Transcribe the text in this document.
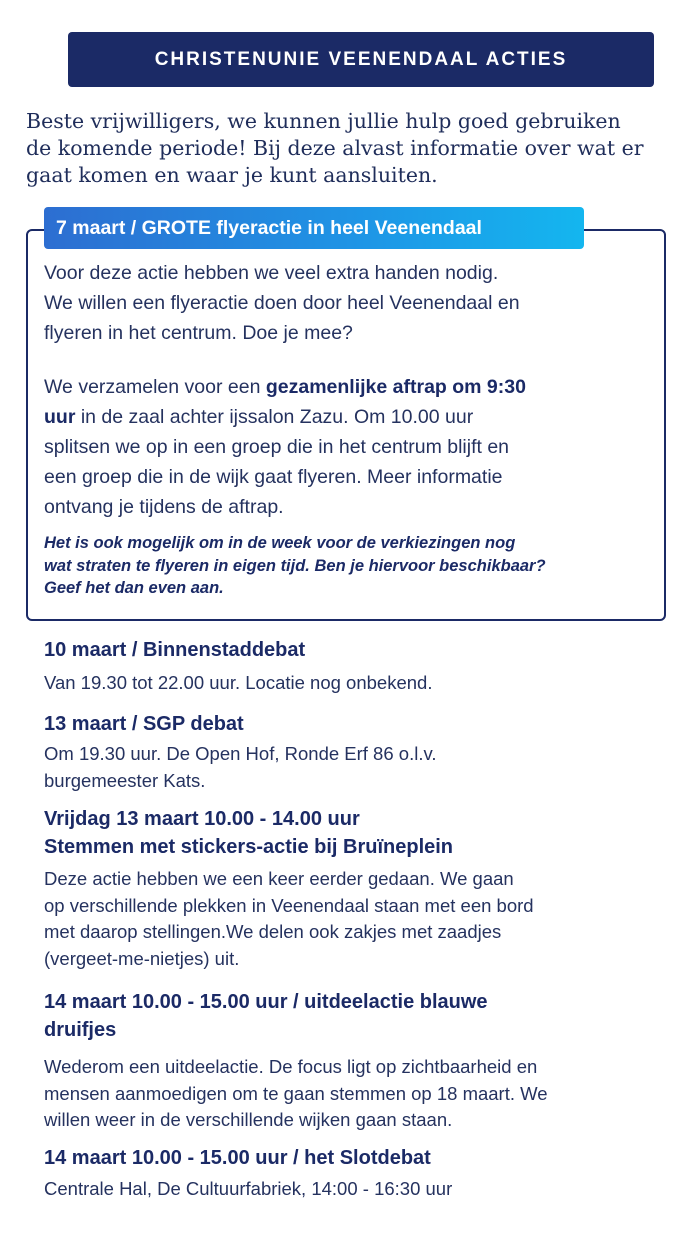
CHRISTENUNIE VEENENDAAL ACTIES
Beste vrijwilligers, we kunnen jullie hulp goed gebruiken
de komende periode! Bij deze alvast informatie over wat er
gaat komen en waar je kunt aansluiten.
7 maart / GROTE flyeractie in heel Veenendaal
Voor deze actie hebben we veel extra handen nodig.
We willen een flyeractie doen door heel Veenendaal en
flyeren in het centrum. Doe je mee?
We verzamelen voor een gezamenlijke aftrap om 9:30
uur in de zaal achter ijssalon Zazu. Om 10.00 uur
splitsen we op in een groep die in het centrum blijft en
een groep die in de wijk gaat flyeren. Meer informatie
ontvang je tijdens de aftrap.
Het is ook mogelijk om in de week voor de verkiezingen nog
wat straten te flyeren in eigen tijd. Ben je hiervoor beschikbaar?
Geef het dan even aan.
10 maart / Binnenstaddebat
Van 19.30 tot 22.00 uur. Locatie nog onbekend.
13 maart / SGP debat
Om 19.30 uur. De Open Hof, Ronde Erf 86 o.l.v.
burgemeester Kats.
Vrijdag 13 maart 10.00 - 14.00 uur
Stemmen met stickers-actie bij Bruïneplein
Deze actie hebben we een keer eerder gedaan. We gaan
op verschillende plekken in Veenendaal staan met een bord
met daarop stellingen.We delen ook zakjes met zaadjes
(vergeet-me-nietjes) uit.
14 maart 10.00 - 15.00 uur / uitdeelactie blauwe
druifjes
Wederom een uitdeelactie. De focus ligt op zichtbaarheid en
mensen aanmoedigen om te gaan stemmen op 18 maart. We
willen weer in de verschillende wijken gaan staan.
14 maart 10.00 - 15.00 uur / het Slotdebat
Centrale Hal, De Cultuurfabriek, 14:00 - 16:30 uur
